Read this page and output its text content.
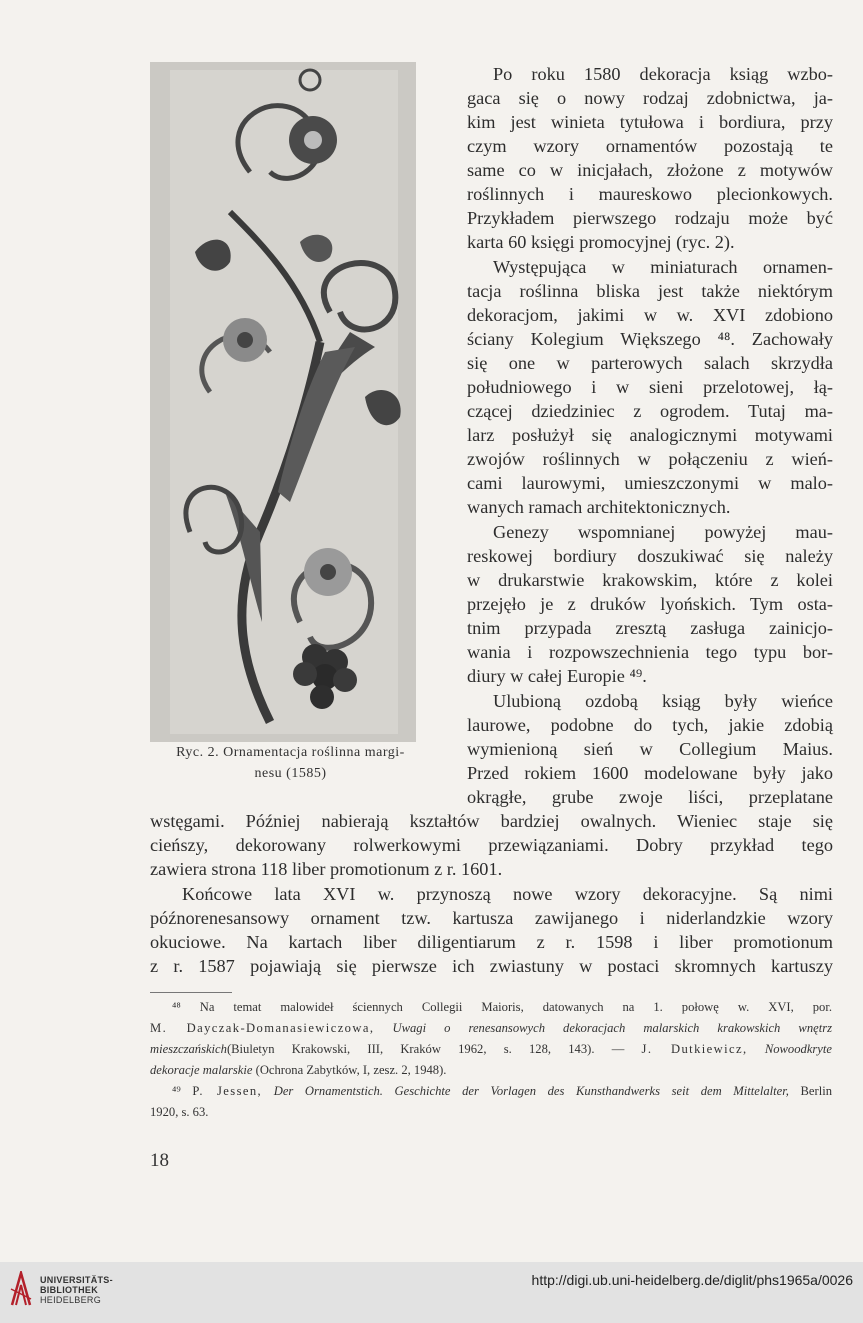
Ryc. 2. Ornamentacja roślinna margi-
nesu (1585)
Po roku 1580 dekoracja ksiąg wzbo-
gaca się o nowy rodzaj zdobnictwa, ja-
kim jest winieta tytułowa i bordiura, przy
czym wzory ornamentów pozostają te
same co w inicjałach, złożone z motywów
roślinnych i maureskowo plecionkowych.
Przykładem pierwszego rodzaju może być
karta 60 księgi promocyjnej (ryc. 2).
Występująca w miniaturach ornamen-
tacja roślinna bliska jest także niektórym
dekoracjom, jakimi w w. XVI zdobiono
ściany Kolegium Większego ⁴⁸. Zachowały
się one w parterowych salach skrzydła
południowego i w sieni przelotowej, łą-
czącej dziedziniec z ogrodem. Tutaj ma-
larz posłużył się analogicznymi motywami
zwojów roślinnych w połączeniu z wień-
cami laurowymi, umieszczonymi w malo-
wanych ramach architektonicznych.
Genezy wspomnianej powyżej mau-
reskowej bordiury doszukiwać się należy
w drukarstwie krakowskim, które z kolei
przejęło je z druków lyońskich. Tym osta-
tnim przypada zresztą zasługa zainicjo-
wania i rozpowszechnienia tego typu bor-
diury w całej Europie ⁴⁹.
Ulubioną ozdobą ksiąg były wieńce
laurowe, podobne do tych, jakie zdobią
wymienioną sień w Collegium Maius.
Przed rokiem 1600 modelowane były jako
okrągłe, grube zwoje liści, przeplatane
wstęgami. Później nabierają kształtów bardziej owalnych. Wieniec staje się
cieńszy, dekorowany rolwerkowymi przewiązaniami. Dobry przykład tego
zawiera strona 118 liber promotionum z r. 1601.
Końcowe lata XVI w. przynoszą nowe wzory dekoracyjne. Są nimi
późnorenesansowy ornament tzw. kartusza zawijanego i niderlandzkie wzory
okuciowe. Na kartach liber diligentiarum z r. 1598 i liber promotionum
z r. 1587 pojawiają się pierwsze ich zwiastuny w postaci skromnych kartuszy
⁴⁸ Na temat malowideł ściennych Collegii Maioris, datowanych na 1. połowę w. XVI, por.
M. Dayczak-Domanasiewiczowa, Uwagi o renesansowych dekoracjach malarskich krakowskich wnętrz
mieszczańskich(Biuletyn Krakowski, III, Kraków 1962, s. 128, 143). — J. Dutkiewicz, Nowoodkryte
dekoracje malarskie (Ochrona Zabytków, I, zesz. 2, 1948).
⁴⁹ P. Jessen, Der Ornamentstich. Geschichte der Vorlagen des Kunsthandwerks seit dem Mittelalter, Berlin
1920, s. 63.
18
UNIVERSITÄTS-
BIBLIOTHEK
HEIDELBERG
http://digi.ub.uni-heidelberg.de/diglit/phs1965a/0026
